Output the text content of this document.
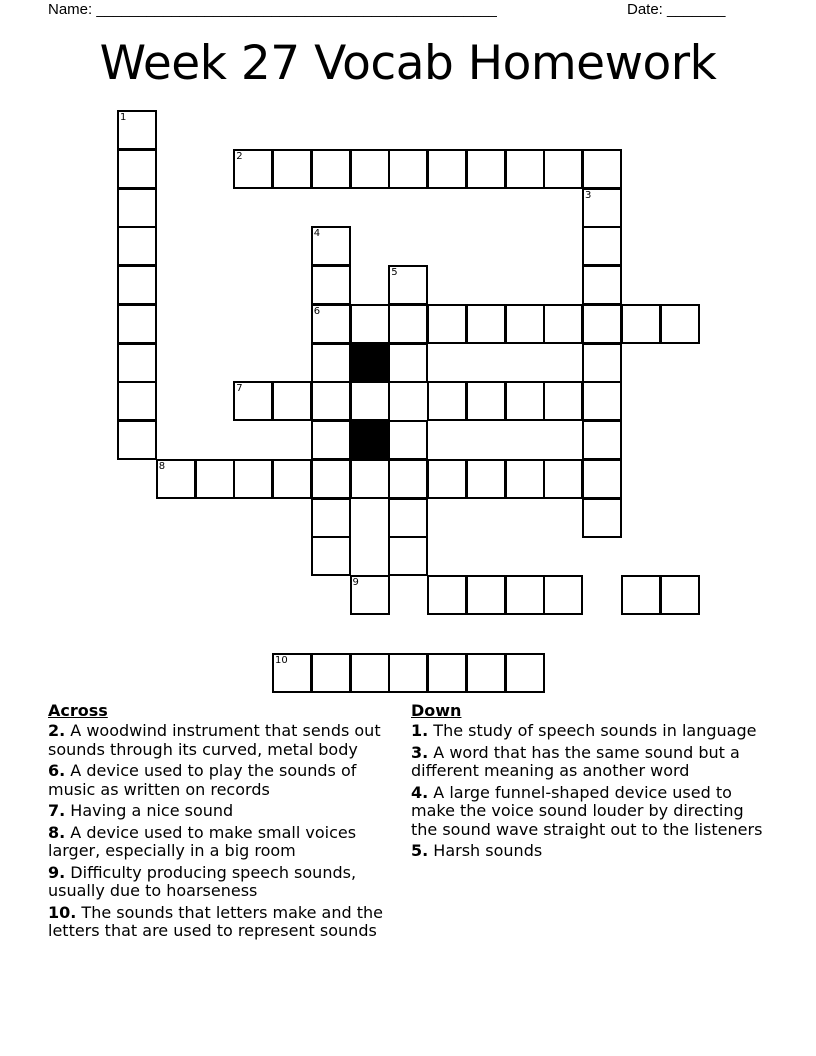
Name: ________________________________________________	Date: _______
Week 27 Vocab Homework
1
2
3
4
6
5
7
8
9
10
Across
2. A woodwind instrument that sends out sounds through its curved, metal body
6. A device used to play the sounds of music as written on records
7. Having a nice sound
8. A device used to make small voices larger, especially in a big room
9. Difficulty producing speech sounds, usually due to hoarseness
10. The sounds that letters make and the letters that are used to represent sounds
Down
1. The study of speech sounds in language
3. A word that has the same sound but a different meaning as another word
4. A large funnel-shaped device used to make the voice sound louder by directing the sound wave straight out to the listeners
5. Harsh sounds
